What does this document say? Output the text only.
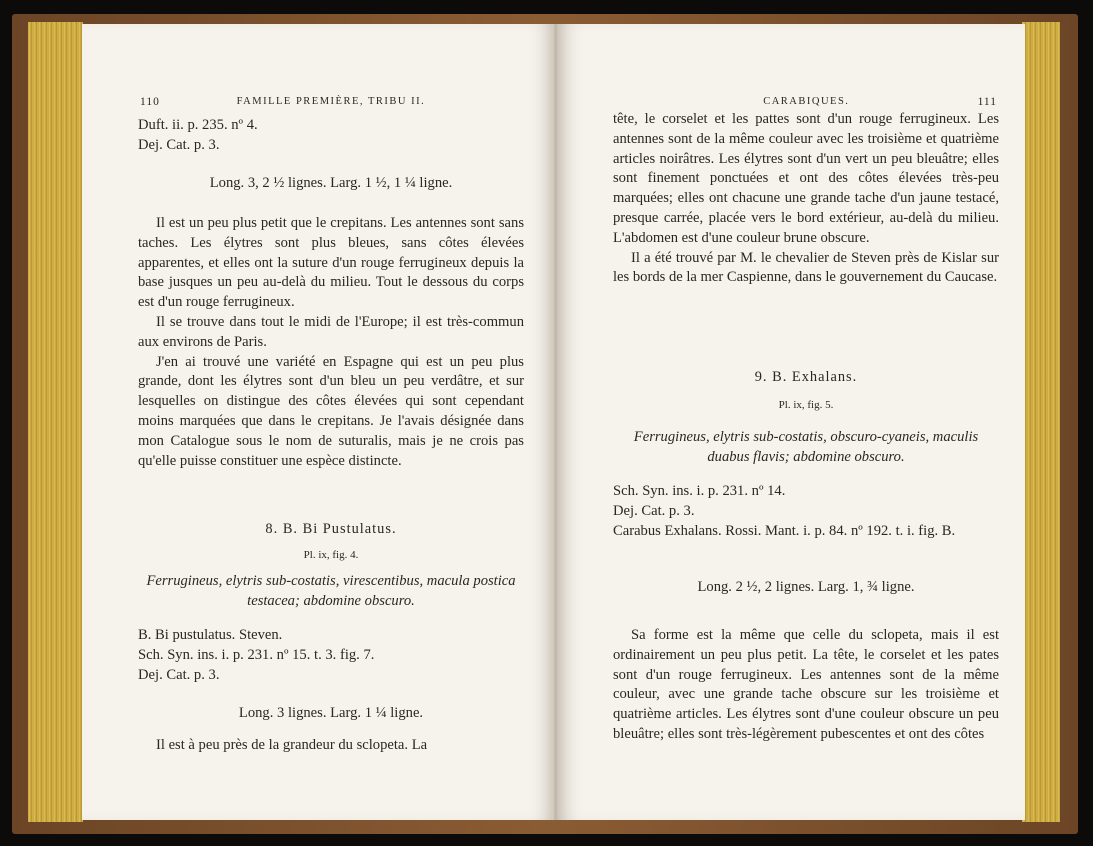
110	FAMILLE PREMIÈRE, TRIBU II.

Duft. ii. p. 235. nº 4.

Dej. Cat. p. 3.

Long. 3, 2 ½ lignes. Larg. 1 ½, 1 ¼ ligne.

Il est un peu plus petit que le crepitans. Les antennes sont sans taches. Les élytres sont plus bleues, sans côtes élevées apparentes, et elles ont la suture d'un rouge ferrugineux depuis la base jusques un peu au-delà du milieu. Tout le dessous du corps est d'un rouge ferrugineux.

Il se trouve dans tout le midi de l'Europe; il est très-commun aux environs de Paris.

J'en ai trouvé une variété en Espagne qui est un peu plus grande, dont les élytres sont d'un bleu un peu verdâtre, et sur lesquelles on distingue des côtes élevées qui sont cependant moins marquées que dans le crepitans. Je l'avais désignée dans mon Catalogue sous le nom de suturalis, mais je ne crois pas qu'elle puisse constituer une espèce distincte.

8. B. Bi Pustulatus.

Pl. ix, fig. 4.

Ferrugineus, elytris sub-costatis, virescentibus, macula postica testacea; abdomine obscuro.

B. Bi pustulatus. Steven.

Sch. Syn. ins. i. p. 231. nº 15. t. 3. fig. 7.

Dej. Cat. p. 3.

Long. 3 lignes. Larg. 1 ¼ ligne.

Il est à peu près de la grandeur du sclopeta. La

CARABIQUES.	111

tête, le corselet et les pattes sont d'un rouge ferrugineux. Les antennes sont de la même couleur avec les troisième et quatrième articles noirâtres. Les élytres sont d'un vert un peu bleuâtre; elles sont finement ponctuées et ont des côtes élevées très-peu marquées; elles ont chacune une grande tache d'un jaune testacé, presque carrée, placée vers le bord extérieur, au-delà du milieu. L'abdomen est d'une couleur brune obscure.

Il a été trouvé par M. le chevalier de Steven près de Kislar sur les bords de la mer Caspienne, dans le gouvernement du Caucase.

9. B. Exhalans.

Pl. ix, fig. 5.

Ferrugineus, elytris sub-costatis, obscuro-cyaneis, maculis duabus flavis; abdomine obscuro.

Sch. Syn. ins. i. p. 231. nº 14.

Dej. Cat. p. 3.

Carabus Exhalans. Rossi. Mant. i. p. 84. nº 192. t. i. fig. B.

Long. 2 ½, 2 lignes. Larg. 1, ¾ ligne.

Sa forme est la même que celle du sclopeta, mais il est ordinairement un peu plus petit. La tête, le corselet et les pates sont d'un rouge ferrugineux. Les antennes sont de la même couleur, avec une grande tache obscure sur les troisième et quatrième articles. Les élytres sont d'une couleur obscure un peu bleuâtre; elles sont très-légèrement pubescentes et ont des côtes
